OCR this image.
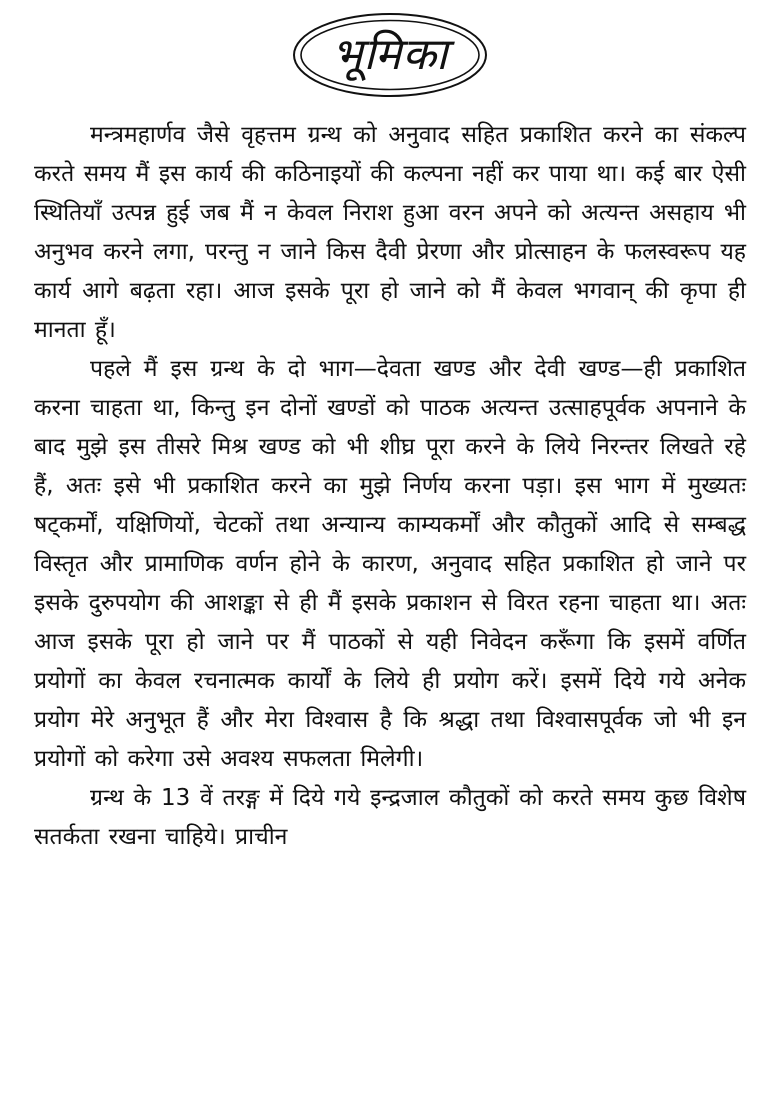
भूमिका

मन्त्रमहार्णव जैसे वृहत्तम ग्रन्थ को अनुवाद सहित प्रकाशित करने का संकल्प करते समय मैं इस कार्य की कठिनाइयों की कल्पना नहीं कर पाया था। कई बार ऐसी स्थितियाँ उत्पन्न हुई जब मैं न केवल निराश हुआ वरन अपने को अत्यन्त असहाय भी अनुभव करने लगा, परन्तु न जाने किस दैवी प्रेरणा और प्रोत्साहन के फलस्वरूप यह कार्य आगे बढ़ता रहा। आज इसके पूरा हो जाने को मैं केवल भगवान् की कृपा ही मानता हूँ।

पहले मैं इस ग्रन्थ के दो भाग—देवता खण्ड और देवी खण्ड—ही प्रकाशित करना चाहता था, किन्तु इन दोनों खण्डों को पाठक अत्यन्त उत्साहपूर्वक अपनाने के बाद मुझे इस तीसरे मिश्र खण्ड को भी शीघ्र पूरा करने के लिये निरन्तर लिखते रहे हैं, अतः इसे भी प्रकाशित करने का मुझे निर्णय करना पड़ा। इस भाग में मुख्यतः षट्कर्मों, यक्षिणियों, चेटकों तथा अन्यान्य काम्यकर्मों और कौतुकों आदि से सम्बद्ध विस्तृत और प्रामाणिक वर्णन होने के कारण, अनुवाद सहित प्रकाशित हो जाने पर इसके दुरुपयोग की आशङ्का से ही मैं इसके प्रकाशन से विरत रहना चाहता था। अतः आज इसके पूरा हो जाने पर मैं पाठकों से यही निवेदन करूँगा कि इसमें वर्णित प्रयोगों का केवल रचनात्मक कार्यों के लिये ही प्रयोग करें। इसमें दिये गये अनेक प्रयोग मेरे अनुभूत हैं और मेरा विश्वास है कि श्रद्धा तथा विश्वासपूर्वक जो भी इन प्रयोगों को करेगा उसे अवश्य सफलता मिलेगी।

ग्रन्थ के 13 वें तरङ्ग में दिये गये इन्द्रजाल कौतुकों को करते समय कुछ विशेष सतर्कता रखना चाहिये। प्राचीन
